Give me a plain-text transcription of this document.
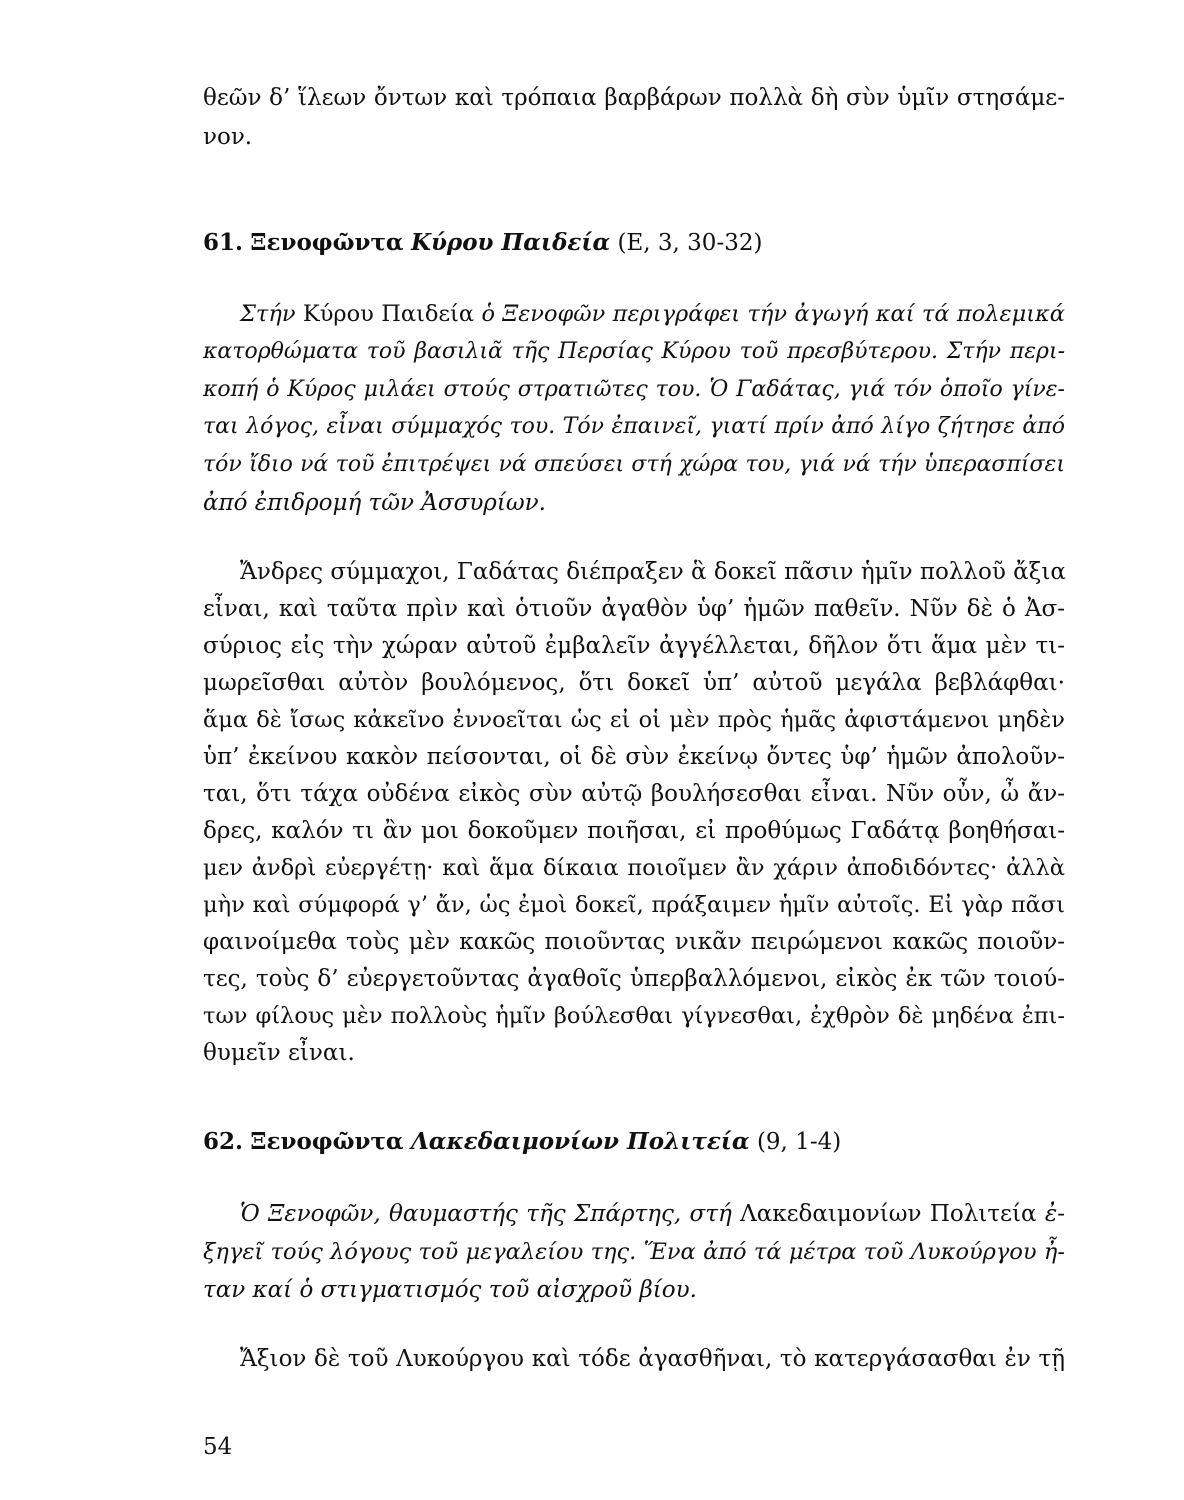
θεῶν δ’ ἵλεων ὄντων καὶ τρόπαια βαρβάρων πολλὰ δὴ σὺν ὑμῖν στησάμε-
νον.
61. Ξενοφῶντα Κύρου Παιδεία (Ε, 3, 30-32)
Στήν Κύρου Παιδεία ὁ Ξενοφῶν περιγράφει τήν ἀγωγή καί τά πολεμικά
κατορθώματα τοῦ βασιλιᾶ τῆς Περσίας Κύρου τοῦ πρεσβύτερου. Στήν περι-
κοπή ὁ Κύρος μιλάει στούς στρατιῶτες του. Ὁ Γαδάτας, γιά τόν ὁποῖο γίνε-
ται λόγος, εἶναι σύμμαχός του. Τόν ἐπαινεῖ, γιατί πρίν ἀπό λίγο ζήτησε ἀπό
τόν ἴδιο νά τοῦ ἐπιτρέψει νά σπεύσει στή χώρα του, γιά νά τήν ὑπερασπίσει
ἀπό ἐπιδρομή τῶν Ἀσσυρίων.
Ἄνδρες σύμμαχοι, Γαδάτας διέπραξεν ἃ δοκεῖ πᾶσιν ἡμῖν πολλοῦ ἄξια
εἶναι, καὶ ταῦτα πρὶν καὶ ὁτιοῦν ἀγαθὸν ὑφ’ ἡμῶν παθεῖν. Νῦν δὲ ὁ Ἀσ-
σύριος εἰς τὴν χώραν αὐτοῦ ἐμβαλεῖν ἀγγέλλεται, δῆλον ὅτι ἅμα μὲν τι-
μωρεῖσθαι αὐτὸν βουλόμενος, ὅτι δοκεῖ ὑπ’ αὐτοῦ μεγάλα βεβλάφθαι·
ἅμα δὲ ἴσως κἀκεῖνο ἐννοεῖται ὡς εἰ οἱ μὲν πρὸς ἡμᾶς ἀφιστάμενοι μηδὲν
ὑπ’ ἐκείνου κακὸν πείσονται, οἱ δὲ σὺν ἐκείνῳ ὄντες ὑφ’ ἡμῶν ἀπολοῦν-
ται, ὅτι τάχα οὐδένα εἰκὸς σὺν αὐτῷ βουλήσεσθαι εἶναι. Νῦν οὖν, ὦ ἄν-
δρες, καλόν τι ἂν μοι δοκοῦμεν ποιῆσαι, εἰ προθύμως Γαδάτᾳ βοηθήσαι-
μεν ἀνδρὶ εὐεργέτῃ· καὶ ἅμα δίκαια ποιοῖμεν ἂν χάριν ἀποδιδόντες· ἀλλὰ
μὴν καὶ σύμφορά γ’ ἄν, ὡς ἐμοὶ δοκεῖ, πράξαιμεν ἡμῖν αὐτοῖς. Εἰ γὰρ πᾶσι
φαινοίμεθα τοὺς μὲν κακῶς ποιοῦντας νικᾶν πειρώμενοι κακῶς ποιοῦν-
τες, τοὺς δ’ εὐεργετοῦντας ἀγαθοῖς ὑπερβαλλόμενοι, εἰκὸς ἐκ τῶν τοιού-
των φίλους μὲν πολλοὺς ἡμῖν βούλεσθαι γίγνεσθαι, ἐχθρὸν δὲ μηδένα ἐπι-
θυμεῖν εἶναι.
62. Ξενοφῶντα Λακεδαιμονίων Πολιτεία (9, 1-4)
Ὁ Ξενοφῶν, θαυμαστής τῆς Σπάρτης, στή Λακεδαιμονίων Πολιτεία ἐ-
ξηγεῖ τούς λόγους τοῦ μεγαλείου της. Ἕνα ἀπό τά μέτρα τοῦ Λυκούργου ἦ-
ταν καί ὁ στιγματισμός τοῦ αἰσχροῦ βίου.
Ἄξιον δὲ τοῦ Λυκούργου καὶ τόδε ἀγασθῆναι, τὸ κατεργάσασθαι ἐν τῇ
54
